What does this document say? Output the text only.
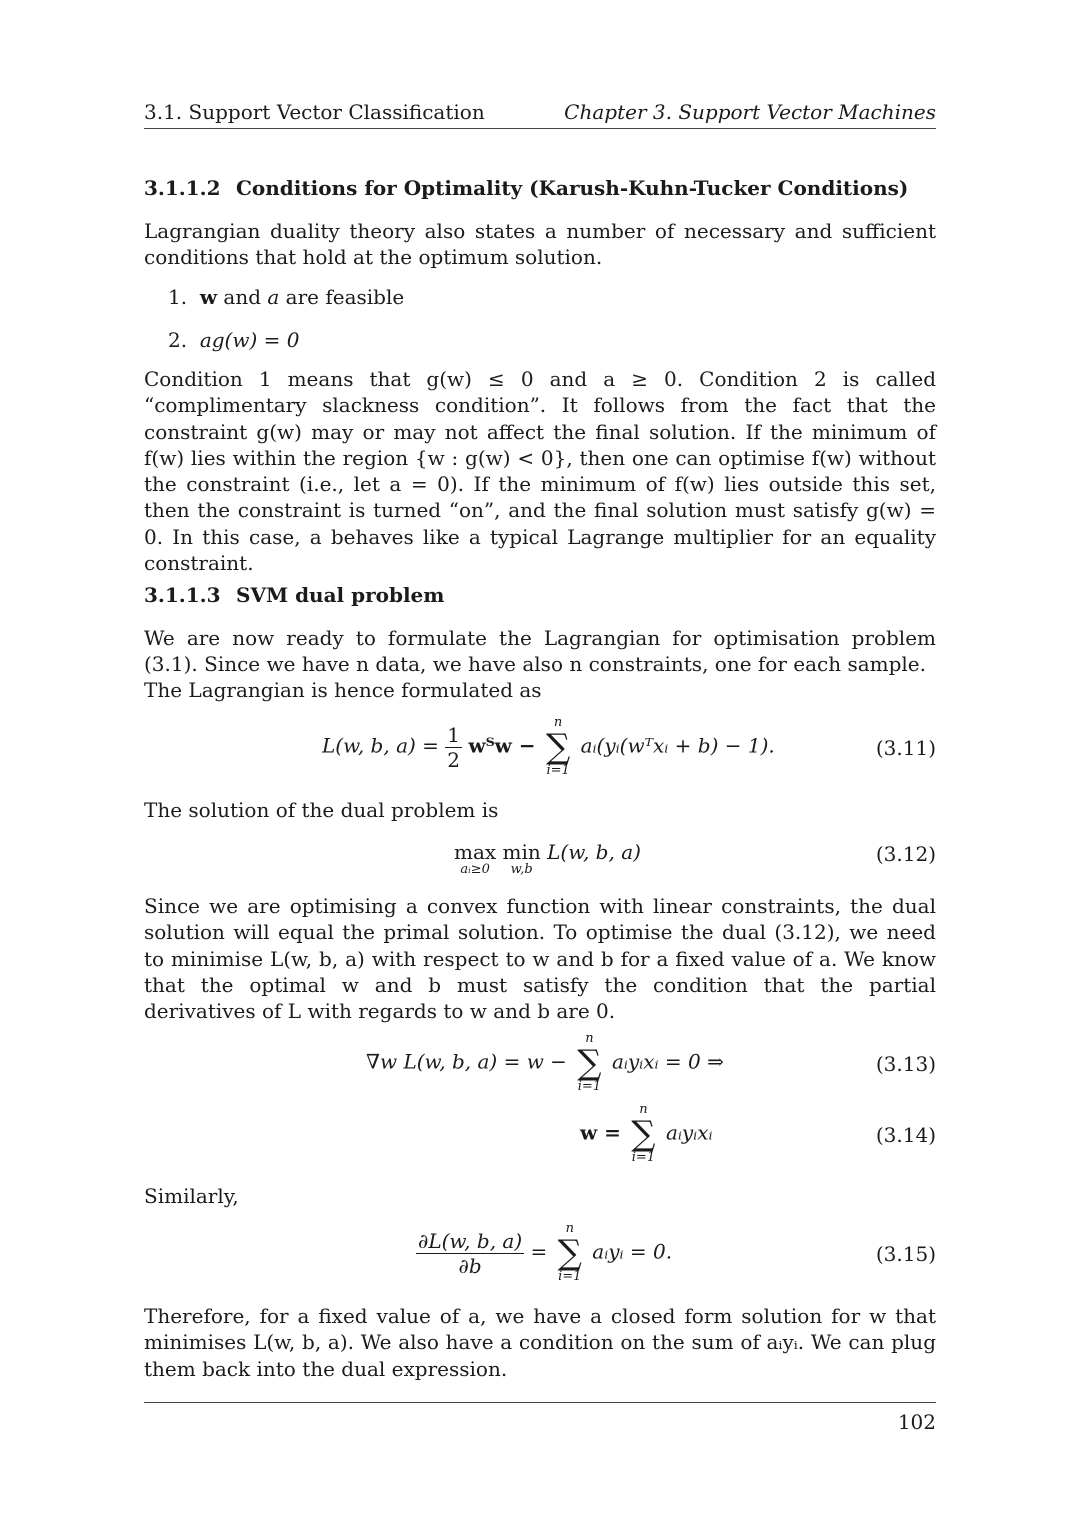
3.1. Support Vector Classification	Chapter 3. Support Vector Machines
3.1.1.2 Conditions for Optimality (Karush-Kuhn-Tucker Conditions)
Lagrangian duality theory also states a number of necessary and sufficient conditions that hold at the optimum solution.
1. w and a are feasible
2. ag(w) = 0
Condition 1 means that g(w) ≤ 0 and a ≥ 0. Condition 2 is called “complimentary slackness condition”. It follows from the fact that the constraint g(w) may or may not affect the final solution. If the minimum of f(w) lies within the region {w : g(w) < 0}, then one can optimise f(w) without the constraint (i.e., let a = 0). If the minimum of f(w) lies outside this set, then the constraint is turned “on”, and the final solution must satisfy g(w) = 0. In this case, a behaves like a typical Lagrange multiplier for an equality constraint.
3.1.1.3 SVM dual problem
We are now ready to formulate the Lagrangian for optimisation problem (3.1). Since we have n data, we have also n constraints, one for each sample.
The Lagrangian is hence formulated as
L(w, b, $a) = \frac{1}{2}$ wᵀw −
n
∑
i=1
aᵢ(yᵢ(wᵀxᵢ + b) − 1).	(3.11)
The solution of the dual problem is
max
aᵢ≥0
min
w,b
L(w, b, a)	(3.12)
Since we are optimising a convex function with linear constraints, the dual solution will equal the primal solution. To optimise the dual (3.12), we need to minimise L(w, b, a) with respect to w and b for a fixed value of a. We know that the optimal w and b must satisfy the condition that the partial derivatives of L with regards to w and b are 0.
∇w L(w, b, a) = w −
n
∑
i=1
aᵢyᵢxᵢ = 0 ⇒	(3.13)
w =
n
∑
i=1
aᵢyᵢxᵢ	(3.14)
Similarly,
$\frac{\partial L(w, b, a)}{\partial b}$ =
n
∑
i=1
aᵢyᵢ = 0.	(3.15)
Therefore, for a fixed value of a, we have a closed form solution for w that minimises L(w, b, a). We also have a condition on the sum of aᵢyᵢ. We can plug them back into the dual expression.
102
